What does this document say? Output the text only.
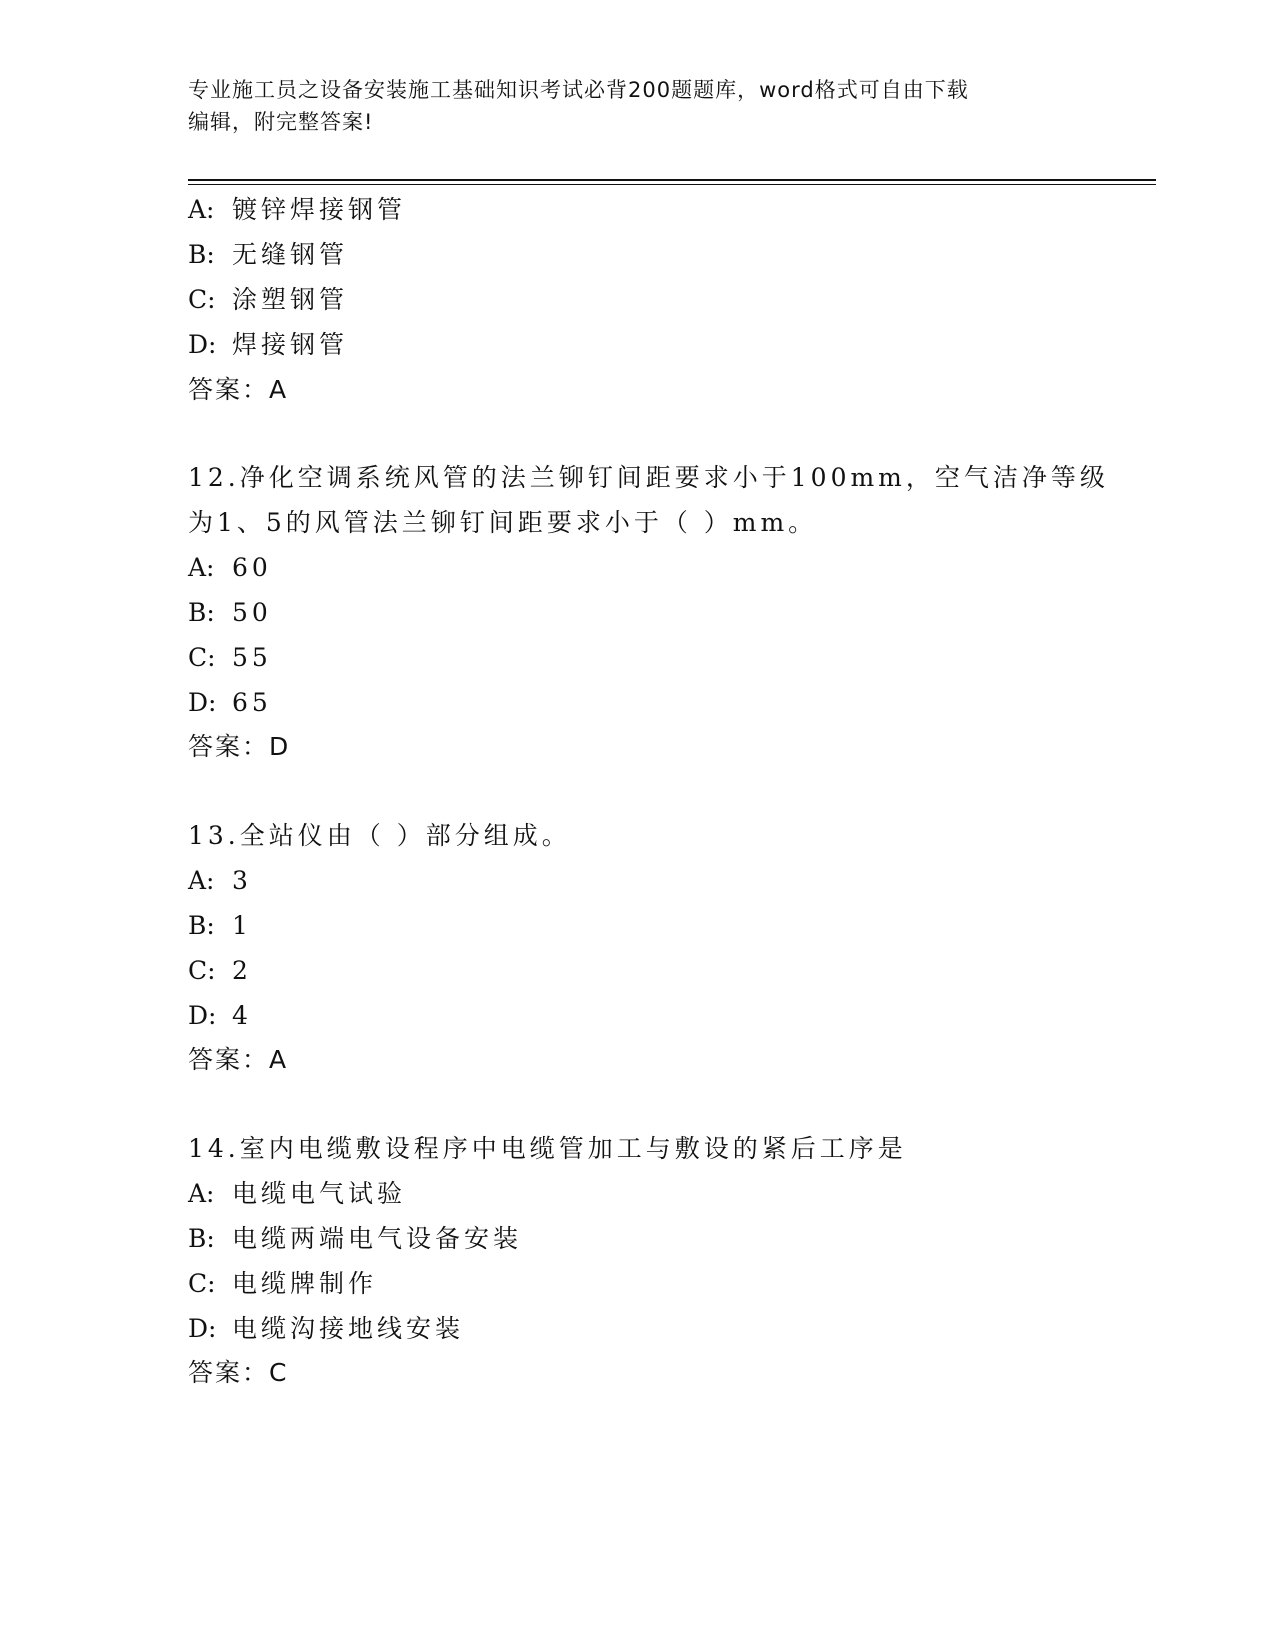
专业施工员之设备安装施工基础知识考试必背200题题库，word格式可自由下载
编辑，附完整答案!
A: 镀锌焊接钢管
B: 无缝钢管
C: 涂塑钢管
D: 焊接钢管
答案：A
12.净化空调系统风管的法兰铆钉间距要求小于100mm，空气洁净等级
为1、5的风管法兰铆钉间距要求小于（ ）mm。
A: 60
B: 50
C: 55
D: 65
答案：D
13.全站仪由（ ）部分组成。
A: 3
B: 1
C: 2
D: 4
答案：A
14.室内电缆敷设程序中电缆管加工与敷设的紧后工序是
A: 电缆电气试验
B: 电缆两端电气设备安装
C: 电缆牌制作
D: 电缆沟接地线安装
答案：C
